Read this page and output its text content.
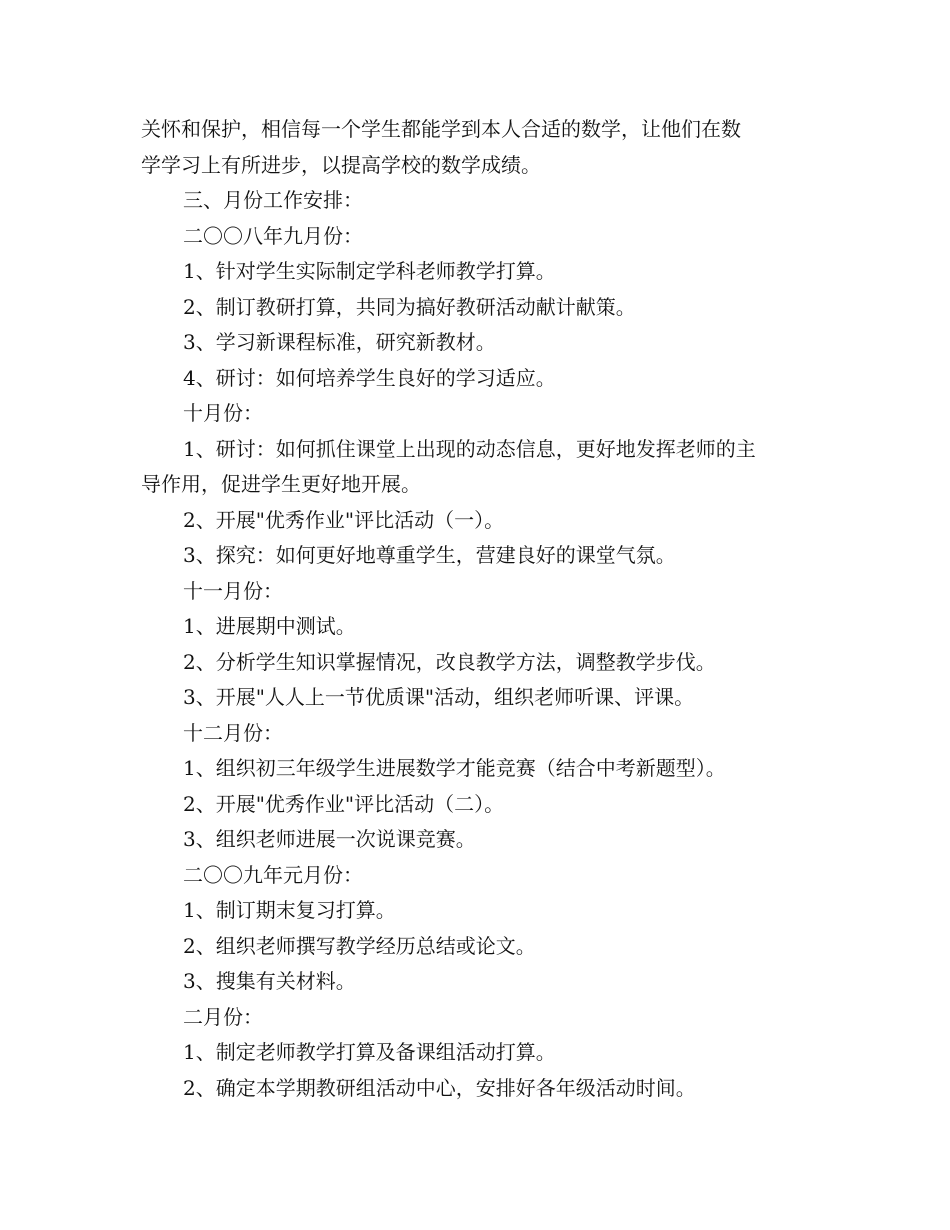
关怀和保护，相信每一个学生都能学到本人合适的数学，让他们在数

学学习上有所进步，以提高学校的数学成绩。

三、月份工作安排：

二〇〇八年九月份：

1、针对学生实际制定学科老师教学打算。

2、制订教研打算，共同为搞好教研活动献计献策。

3、学习新课程标准，研究新教材。

4、研讨：如何培养学生良好的学习适应。

十月份：

1、研讨：如何抓住课堂上出现的动态信息，更好地发挥老师的主

导作用，促进学生更好地开展。

2、开展"优秀作业"评比活动（一）。

3、探究：如何更好地尊重学生，营建良好的课堂气氛。

十一月份：

1、进展期中测试。

2、分析学生知识掌握情况，改良教学方法，调整教学步伐。

3、开展"人人上一节优质课"活动，组织老师听课、评课。

十二月份：

1、组织初三年级学生进展数学才能竞赛（结合中考新题型）。

2、开展"优秀作业"评比活动（二）。

3、组织老师进展一次说课竞赛。

二〇〇九年元月份：

1、制订期末复习打算。

2、组织老师撰写教学经历总结或论文。

3、搜集有关材料。

二月份：

1、制定老师教学打算及备课组活动打算。

2、确定本学期教研组活动中心，安排好各年级活动时间。
